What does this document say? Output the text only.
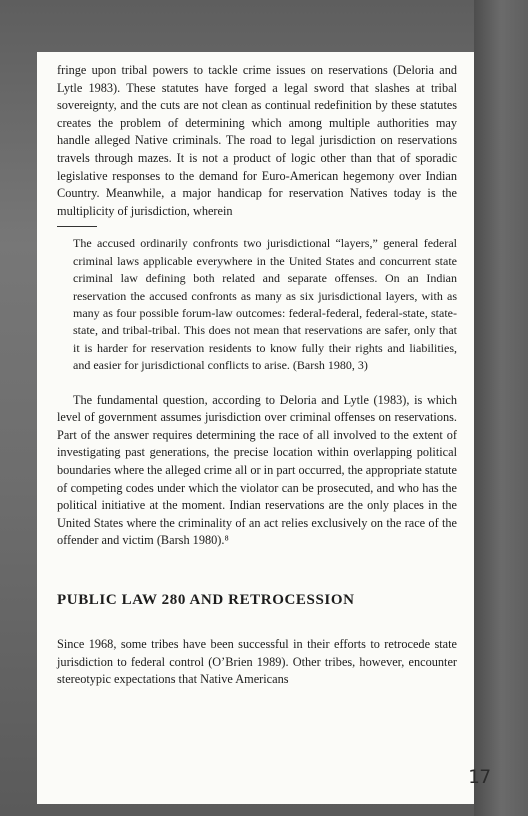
fringe upon tribal powers to tackle crime issues on reservations (Deloria and Lytle 1983). These statutes have forged a legal sword that slashes at tribal sovereignty, and the cuts are not clean as continual redefinition by these statutes creates the problem of determining which among multiple authorities may handle alleged Native criminals. The road to legal jurisdiction on reservations travels through mazes. It is not a product of logic other than that of sporadic legislative responses to the demand for Euro-American hegemony over Indian Country. Meanwhile, a major handicap for reservation Natives today is the multiplicity of jurisdiction, wherein

The accused ordinarily confronts two jurisdictional “layers,” general federal criminal laws applicable everywhere in the United States and concurrent state criminal law defining both related and separate offenses. On an Indian reservation the accused confronts as many as six jurisdictional layers, with as many as four possible forum-law outcomes: federal-federal, federal-state, state-state, and tribal-tribal. This does not mean that reservations are safer, only that it is harder for reservation residents to know fully their rights and liabilities, and easier for jurisdictional conflicts to arise. (Barsh 1980, 3)

The fundamental question, according to Deloria and Lytle (1983), is which level of government assumes jurisdiction over criminal offenses on reservations. Part of the answer requires determining the race of all involved to the extent of investigating past generations, the precise location within overlapping political boundaries where the alleged crime all or in part occurred, the appropriate statute of competing codes under which the violator can be prosecuted, and who has the political initiative at the moment. Indian reservations are the only places in the United States where the criminality of an act relies exclusively on the race of the offender and victim (Barsh 1980).⁸

PUBLIC LAW 280 AND RETROCESSION

Since 1968, some tribes have been successful in their efforts to retrocede state jurisdiction to federal control (O’Brien 1989). Other tribes, however, encounter stereotypic expectations that Native Americans

17
